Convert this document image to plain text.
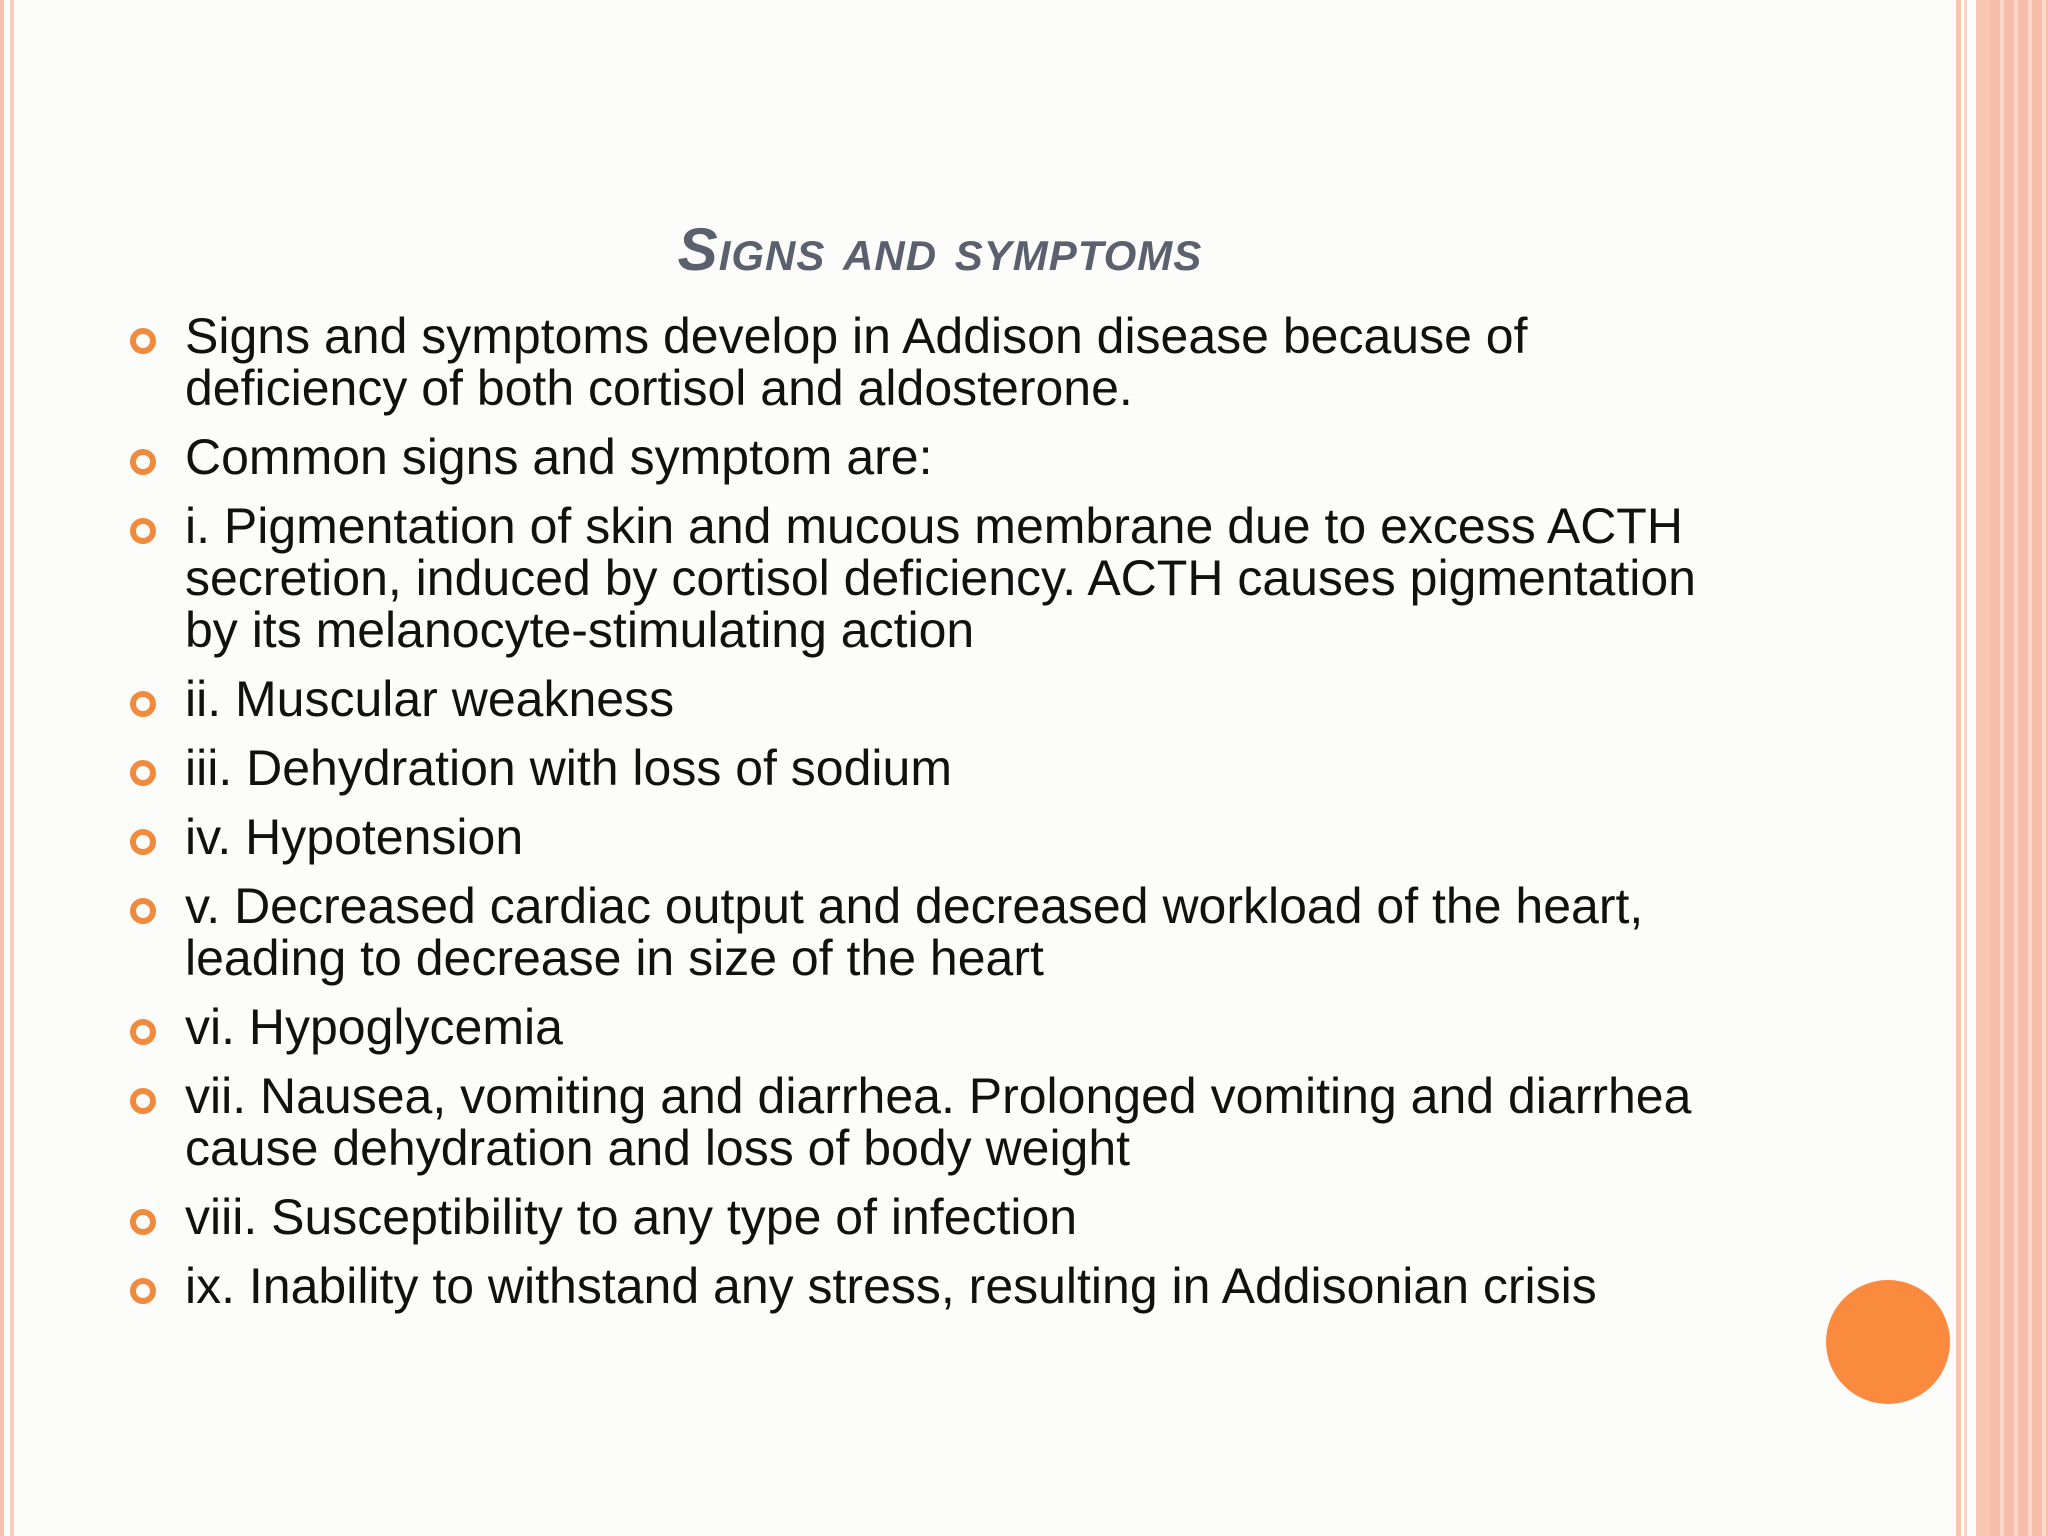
Signs and symptoms
Signs and symptoms develop in Addison disease because of deficiency of both cortisol and aldosterone.
Common signs and symptom are:
i. Pigmentation of skin and mucous membrane due to excess ACTH secretion, induced by cortisol deficiency. ACTH causes pigmentation by its melanocyte-stimulating action
ii. Muscular weakness
iii. Dehydration with loss of sodium
iv. Hypotension
v. Decreased cardiac output and decreased workload of the heart, leading to decrease in size of the heart
vi. Hypoglycemia
vii. Nausea, vomiting and diarrhea. Prolonged vomiting and diarrhea cause dehydration and loss of body weight
viii. Susceptibility to any type of infection
ix. Inability to withstand any stress, resulting in Addisonian crisis
